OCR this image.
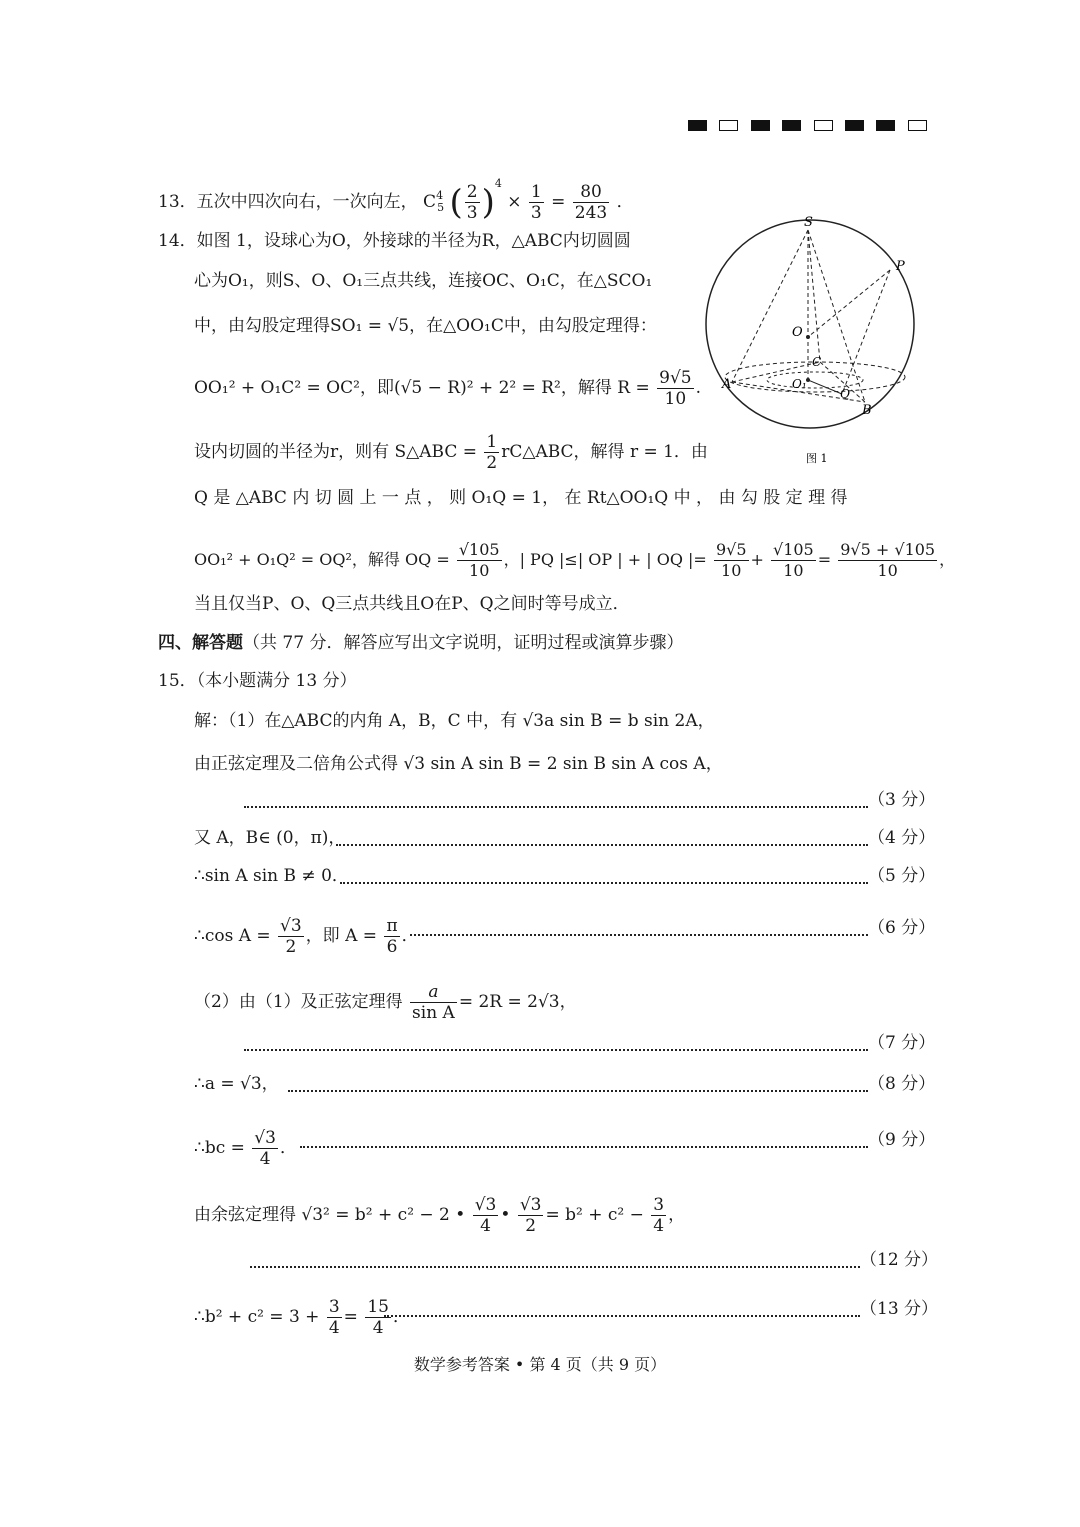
13．五次中四次向右，一次向左， $C^4_5$ ( $\frac{2}{3} )^4 \times \frac{1}{3} = \frac{80}{243}$ ．
14．如图 1，设球心为O，外接球的半径为R，△ABC内切圆圆
心为O₁，则S、O、O₁三点共线，连接OC、O₁C，在△SCO₁
中，由勾股定理得SO₁ = √5，在△OO₁C中，由勾股定理得：
OO₁² + O₁C² = OC²，即(√5 − R)² + 2² = R²，解得 $R = \frac{9√5}{10}$ .
设内切圆的半径为r，则有 S△ABC = $\frac{1}{2}$ rC△ABC，解得 r = 1．由
Q 是 △ABC 内 切 圆 上 一 点 ， 则 O₁Q = 1， 在 Rt△OO₁Q 中 ， 由 勾 股 定 理 得
OO₁² + O₁Q² = OQ²，解得 OQ = $\frac{√105}{10}$ ，| PQ |≤| OP | + | OQ |= $\frac{9√5}{10} + \frac{√105}{10} = \frac{9√5 + √105}{10}$ ，
当且仅当P、O、Q三点共线且O在P、Q之间时等号成立．
S
P
O
C
O₁
A
Q
B
图 1
四、解答题（共 77 分．解答应写出文字说明，证明过程或演算步骤）
15．（本小题满分 13 分）
解：（1）在△ABC的内角 A，B，C 中，有 √3a sin B = b sin 2A，
由正弦定理及二倍角公式得 √3 sin A sin B = 2 sin B sin A cos A，
（3 分）
又 A，B∈ (0，π)，	（4 分）
∴sin A sin B ≠ 0．	（5 分）
∴cos $A = \frac{√3}{2}$ ，即 $A = \frac{\pi}{6}$ ．	（6 分）
（2）由（1）及正弦定理得 $\frac{a}{\text{sin A}} = 2R = 2√3$，
（7 分）
∴a = √3，	（8 分）
∴bc = $\frac{√3}{4}$ ．	（9 分）
由余弦定理得 √3² = b² + c² − 2 • $\frac{√3}{4}$ • $\frac{√3}{2} = b^2 + c^2 - \frac{3}{4}$ ，
（12 分）
∴b² + $c^2 = 3 + \frac{3}{4} = \frac{15}{4}$ ．	（13 分）
数学参考答案 • 第 4 页（共 9 页）
